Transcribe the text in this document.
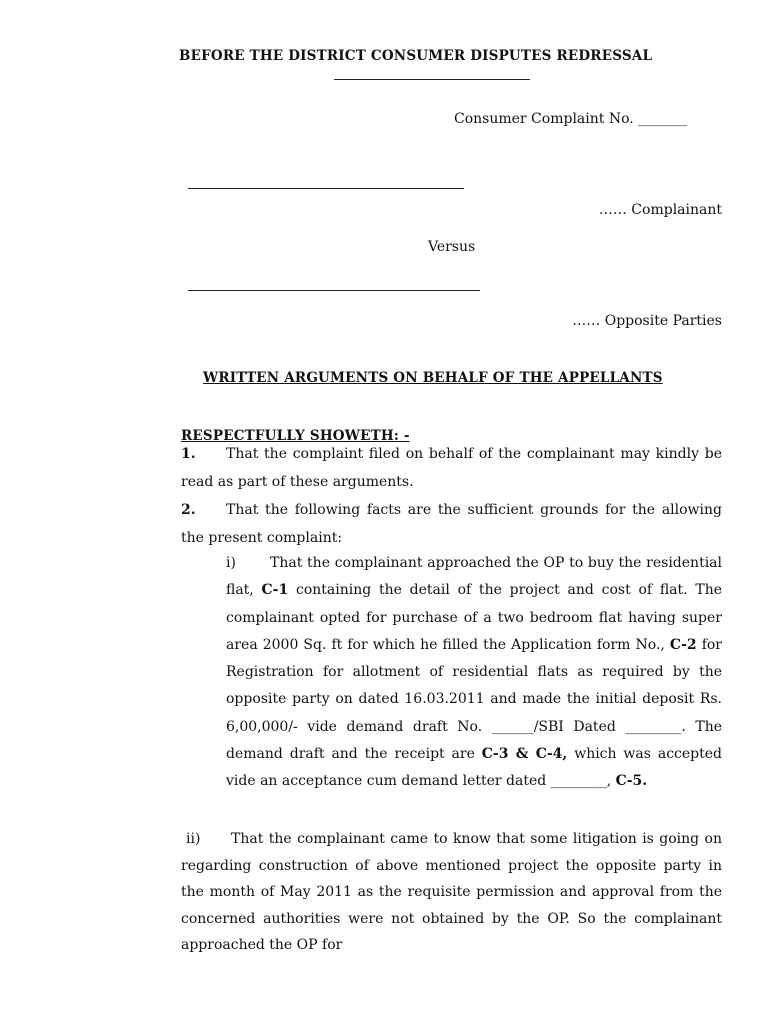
BEFORE THE DISTRICT CONSUMER DISPUTES REDRESSAL
Consumer Complaint No. _______
…… Complainant
Versus
…… Opposite Parties
WRITTEN ARGUMENTS ON BEHALF OF THE APPELLANTS
RESPECTFULLY SHOWETH: -
1. That the complaint filed on behalf of the complainant may kindly be read as part of these arguments.
2. That the following facts are the sufficient grounds for the allowing the present complaint:
i) That the complainant approached the OP to buy the residential flat, C-1 containing the detail of the project and cost of flat. The complainant opted for purchase of a two bedroom flat having super area 2000 Sq. ft for which he filled the Application form No., C-2 for Registration for allotment of residential flats as required by the opposite party on dated 16.03.2011 and made the initial deposit Rs. 6,00,000/- vide demand draft No. ______/SBI Dated ________. The demand draft and the receipt are C-3 & C-4, which was accepted vide an acceptance cum demand letter dated ________, C-5.
ii) That the complainant came to know that some litigation is going on regarding construction of above mentioned project the opposite party in the month of May 2011 as the requisite permission and approval from the concerned authorities were not obtained by the OP. So the complainant approached the OP for
